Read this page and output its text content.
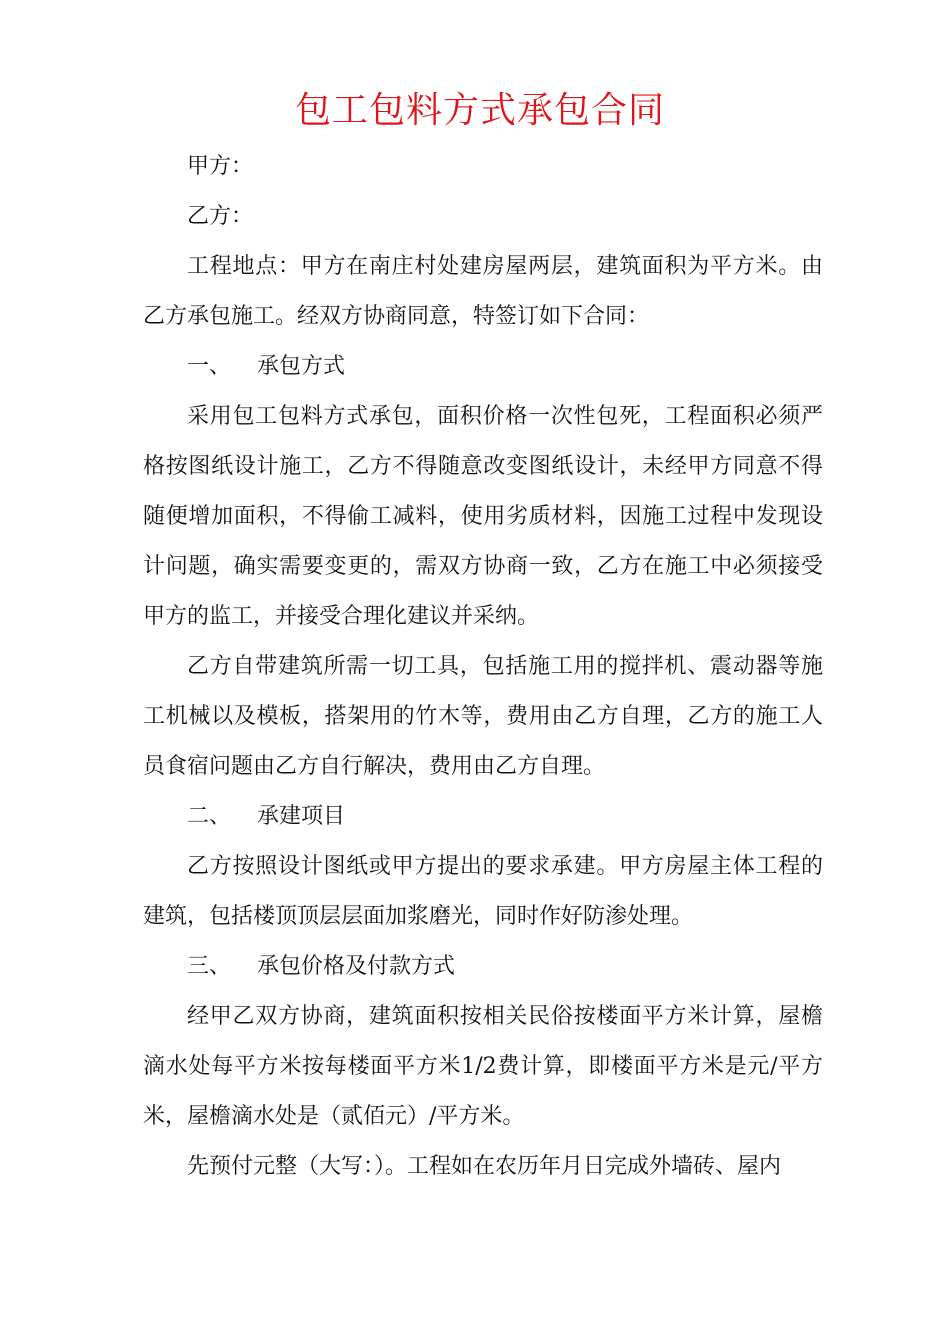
包工包料方式承包合同

甲方：

乙方：

工程地点：甲方在南庄村处建房屋两层，建筑面积为平方米。由乙方承包施工。经双方协商同意，特签订如下合同：

一、 承包方式

采用包工包料方式承包，面积价格一次性包死，工程面积必须严格按图纸设计施工，乙方不得随意改变图纸设计，未经甲方同意不得随便增加面积，不得偷工减料，使用劣质材料，因施工过程中发现设计问题，确实需要变更的，需双方协商一致，乙方在施工中必须接受甲方的监工，并接受合理化建议并采纳。

乙方自带建筑所需一切工具，包括施工用的搅拌机、震动器等施工机械以及模板，搭架用的竹木等，费用由乙方自理，乙方的施工人员食宿问题由乙方自行解决，费用由乙方自理。

二、 承建项目

乙方按照设计图纸或甲方提出的要求承建。甲方房屋主体工程的建筑，包括楼顶顶层层面加浆磨光，同时作好防渗处理。

三、 承包价格及付款方式

经甲乙双方协商，建筑面积按相关民俗按楼面平方米计算，屋檐滴水处每平方米按每楼面平方米1/2费计算，即楼面平方米是元/平方米，屋檐滴水处是（贰佰元）/平方米。

先预付元整（大写：）。工程如在农历年月日完成外墙砖、屋内
